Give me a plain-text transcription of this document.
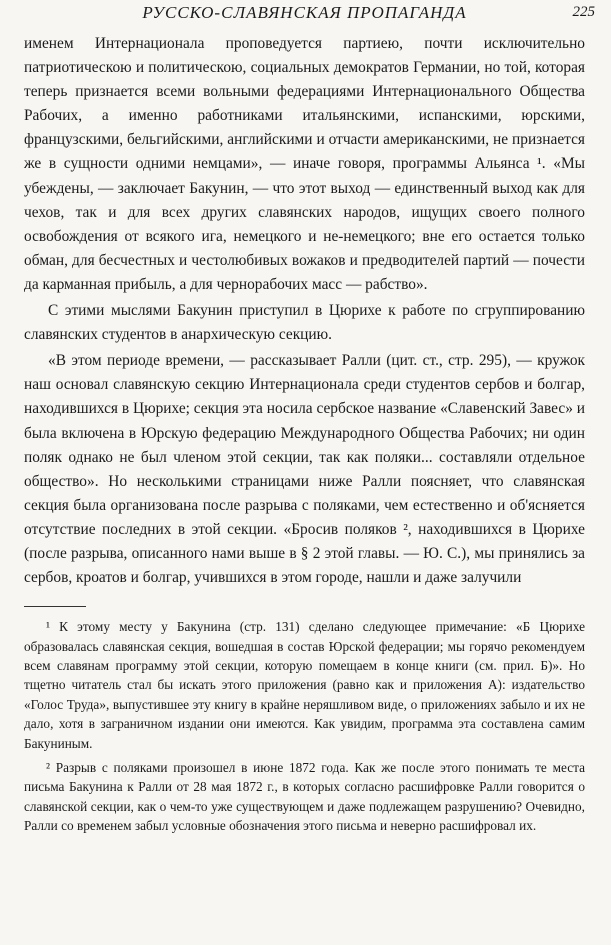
РУССКО-СЛАВЯНСКАЯ ПРОПАГАНДА	225

именем Интернационала проповедуется партиею, почти исключительно патриотическою и политическою, социальных демократов Германии, но той, которая теперь признается всеми вольными федерациями Интернационального Общества Рабочих, а именно работниками итальянскими, испанскими, юрскими, французскими, бельгийскими, английскими и отчасти американскими, не признается же в сущности одними немцами», — иначе говоря, программы Альянса ¹. «Мы убеждены, — заключает Бакунин, — что этот выход — единственный выход как для чехов, так и для всех других славянских народов, ищущих своего полного освобождения от всякого ига, немецкого и не-немецкого; вне его остается только обман, для бесчестных и честолюбивых вожаков и предводителей партий — почести да карманная прибыль, а для чернорабочих масс — рабство».

С этими мыслями Бакунин приступил в Цюрихе к работе по сгруппированию славянских студентов в анархическую секцию.

«В этом периоде времени, — рассказывает Ралли (цит. ст., стр. 295), — кружок наш основал славянскую секцию Интернационала среди студентов сербов и болгар, находившихся в Цюрихе; секция эта носила сербское название «Славенский Завес» и была включена в Юрскую федерацию Международного Общества Рабочих; ни один поляк однако не был членом этой секции, так как поляки... составляли отдельное общество». Но несколькими страницами ниже Ралли поясняет, что славянская секция была организована после разрыва с поляками, чем естественно и об'ясняется отсутствие последних в этой секции. «Бросив поляков ², находившихся в Цюрихе (после разрыва, описанного нами выше в § 2 этой главы. — Ю. С.), мы принялись за сербов, кроатов и болгар, учившихся в этом городе, нашли и даже залучили

¹ К этому месту у Бакунина (стр. 131) сделано следующее примечание: «Б Цюрихе образовалась славянская секция, вошедшая в состав Юрской федерации; мы горячо рекомендуем всем славянам программу этой секции, которую помещаем в конце книги (см. прил. Б)». Но тщетно читатель стал бы искать этого приложения (равно как и приложения А): издательство «Голос Труда», выпустившее эту книгу в крайне неряшливом виде, о приложениях забыло и их не дало, хотя в заграничном издании они имеются. Как увидим, программа эта составлена самим Бакуниным.

² Разрыв с поляками произошел в июне 1872 года. Как же после этого понимать те места письма Бакунина к Ралли от 28 мая 1872 г., в которых согласно расшифровке Ралли говорится о славянской секции, как о чем-то уже существующем и даже подлежащем разрушению? Очевидно, Ралли со временем забыл условные обозначения этого письма и неверно расшифровал их.
